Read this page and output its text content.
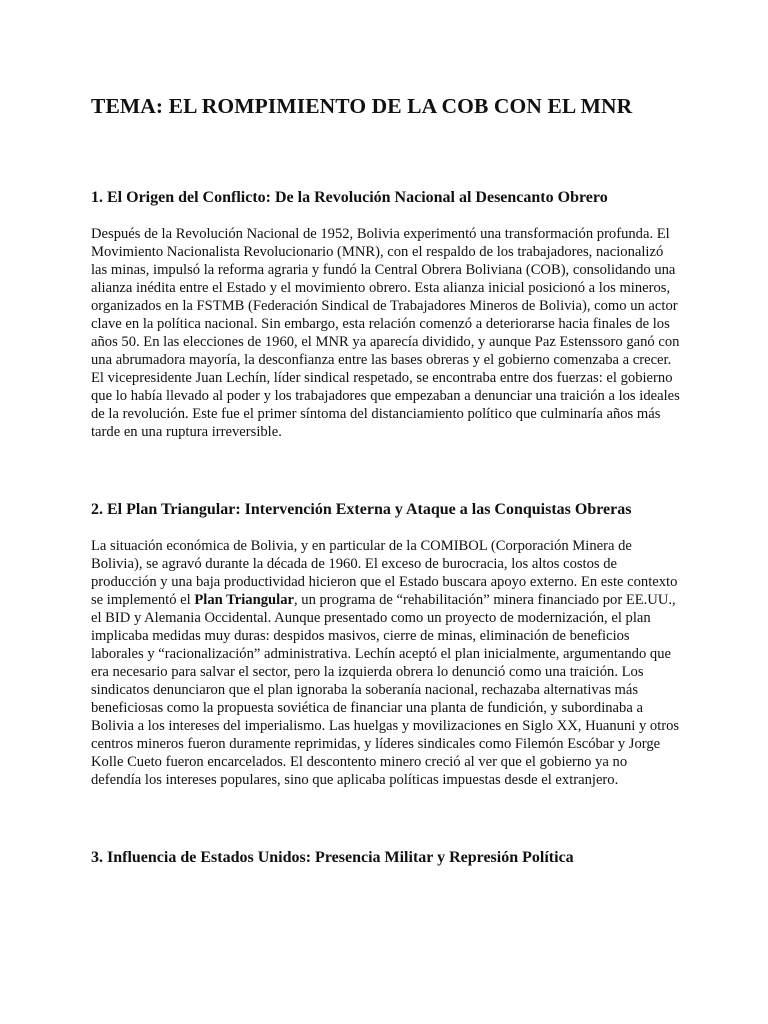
TEMA: EL ROMPIMIENTO DE LA COB CON EL MNR
1. El Origen del Conflicto: De la Revolución Nacional al Desencanto Obrero

Después de la Revolución Nacional de 1952, Bolivia experimentó una transformación profunda. El Movimiento Nacionalista Revolucionario (MNR), con el respaldo de los trabajadores, nacionalizó las minas, impulsó la reforma agraria y fundó la Central Obrera Boliviana (COB), consolidando una alianza inédita entre el Estado y el movimiento obrero. Esta alianza inicial posicionó a los mineros, organizados en la FSTMB (Federación Sindical de Trabajadores Mineros de Bolivia), como un actor clave en la política nacional. Sin embargo, esta relación comenzó a deteriorarse hacia finales de los años 50. En las elecciones de 1960, el MNR ya aparecía dividido, y aunque Paz Estenssoro ganó con una abrumadora mayoría, la desconfianza entre las bases obreras y el gobierno comenzaba a crecer. El vicepresidente Juan Lechín, líder sindical respetado, se encontraba entre dos fuerzas: el gobierno que lo había llevado al poder y los trabajadores que empezaban a denunciar una traición a los ideales de la revolución. Este fue el primer síntoma del distanciamiento político que culminaría años más tarde en una ruptura irreversible.

2. El Plan Triangular: Intervención Externa y Ataque a las Conquistas Obreras

La situación económica de Bolivia, y en particular de la COMIBOL (Corporación Minera de Bolivia), se agravó durante la década de 1960. El exceso de burocracia, los altos costos de producción y una baja productividad hicieron que el Estado buscara apoyo externo. En este contexto se implementó el Plan Triangular, un programa de “rehabilitación” minera financiado por EE.UU., el BID y Alemania Occidental. Aunque presentado como un proyecto de modernización, el plan implicaba medidas muy duras: despidos masivos, cierre de minas, eliminación de beneficios laborales y “racionalización” administrativa. Lechín aceptó el plan inicialmente, argumentando que era necesario para salvar el sector, pero la izquierda obrera lo denunció como una traición. Los sindicatos denunciaron que el plan ignoraba la soberanía nacional, rechazaba alternativas más beneficiosas como la propuesta soviética de financiar una planta de fundición, y subordinaba a Bolivia a los intereses del imperialismo. Las huelgas y movilizaciones en Siglo XX, Huanuni y otros centros mineros fueron duramente reprimidas, y líderes sindicales como Filemón Escóbar y Jorge Kolle Cueto fueron encarcelados. El descontento minero creció al ver que el gobierno ya no defendía los intereses populares, sino que aplicaba políticas impuestas desde el extranjero.

3. Influencia de Estados Unidos: Presencia Militar y Represión Política
